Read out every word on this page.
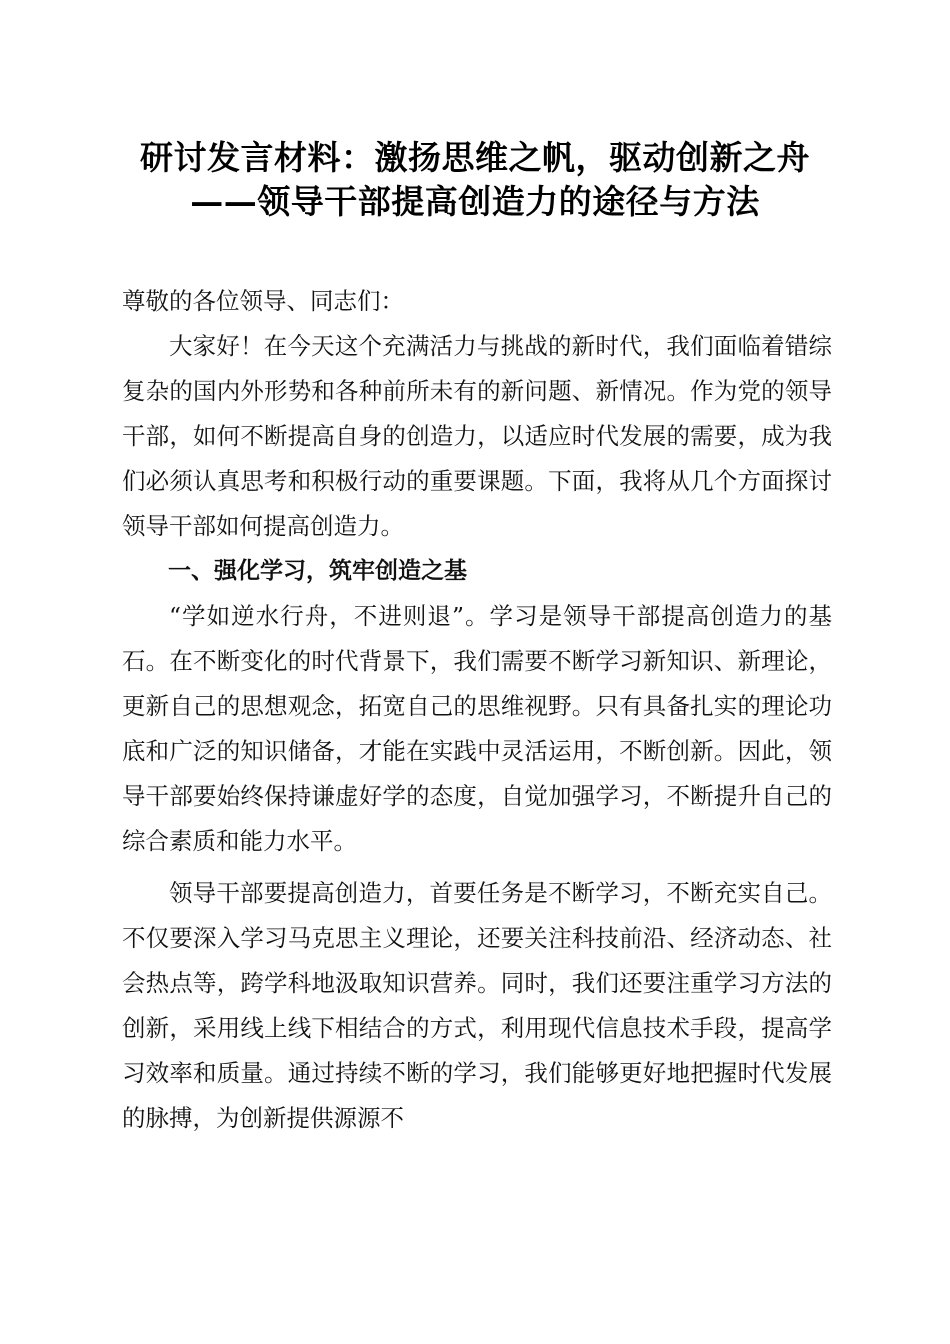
研讨发言材料：激扬思维之帆，驱动创新之舟
——领导干部提高创造力的途径与方法

尊敬的各位领导、同志们：

大家好！在今天这个充满活力与挑战的新时代，我们面临着错综复杂的国内外形势和各种前所未有的新问题、新情况。作为党的领导干部，如何不断提高自身的创造力，以适应时代发展的需要，成为我们必须认真思考和积极行动的重要课题。下面，我将从几个方面探讨领导干部如何提高创造力。

一、强化学习，筑牢创造之基

“学如逆水行舟，不进则退”。学习是领导干部提高创造力的基石。在不断变化的时代背景下，我们需要不断学习新知识、新理论，更新自己的思想观念，拓宽自己的思维视野。只有具备扎实的理论功底和广泛的知识储备，才能在实践中灵活运用，不断创新。因此，领导干部要始终保持谦虚好学的态度，自觉加强学习，不断提升自己的综合素质和能力水平。

领导干部要提高创造力，首要任务是不断学习，不断充实自己。不仅要深入学习马克思主义理论，还要关注科技前沿、经济动态、社会热点等，跨学科地汲取知识营养。同时，我们还要注重学习方法的创新，采用线上线下相结合的方式，利用现代信息技术手段，提高学习效率和质量。通过持续不断的学习，我们能够更好地把握时代发展的脉搏，为创新提供源源不
